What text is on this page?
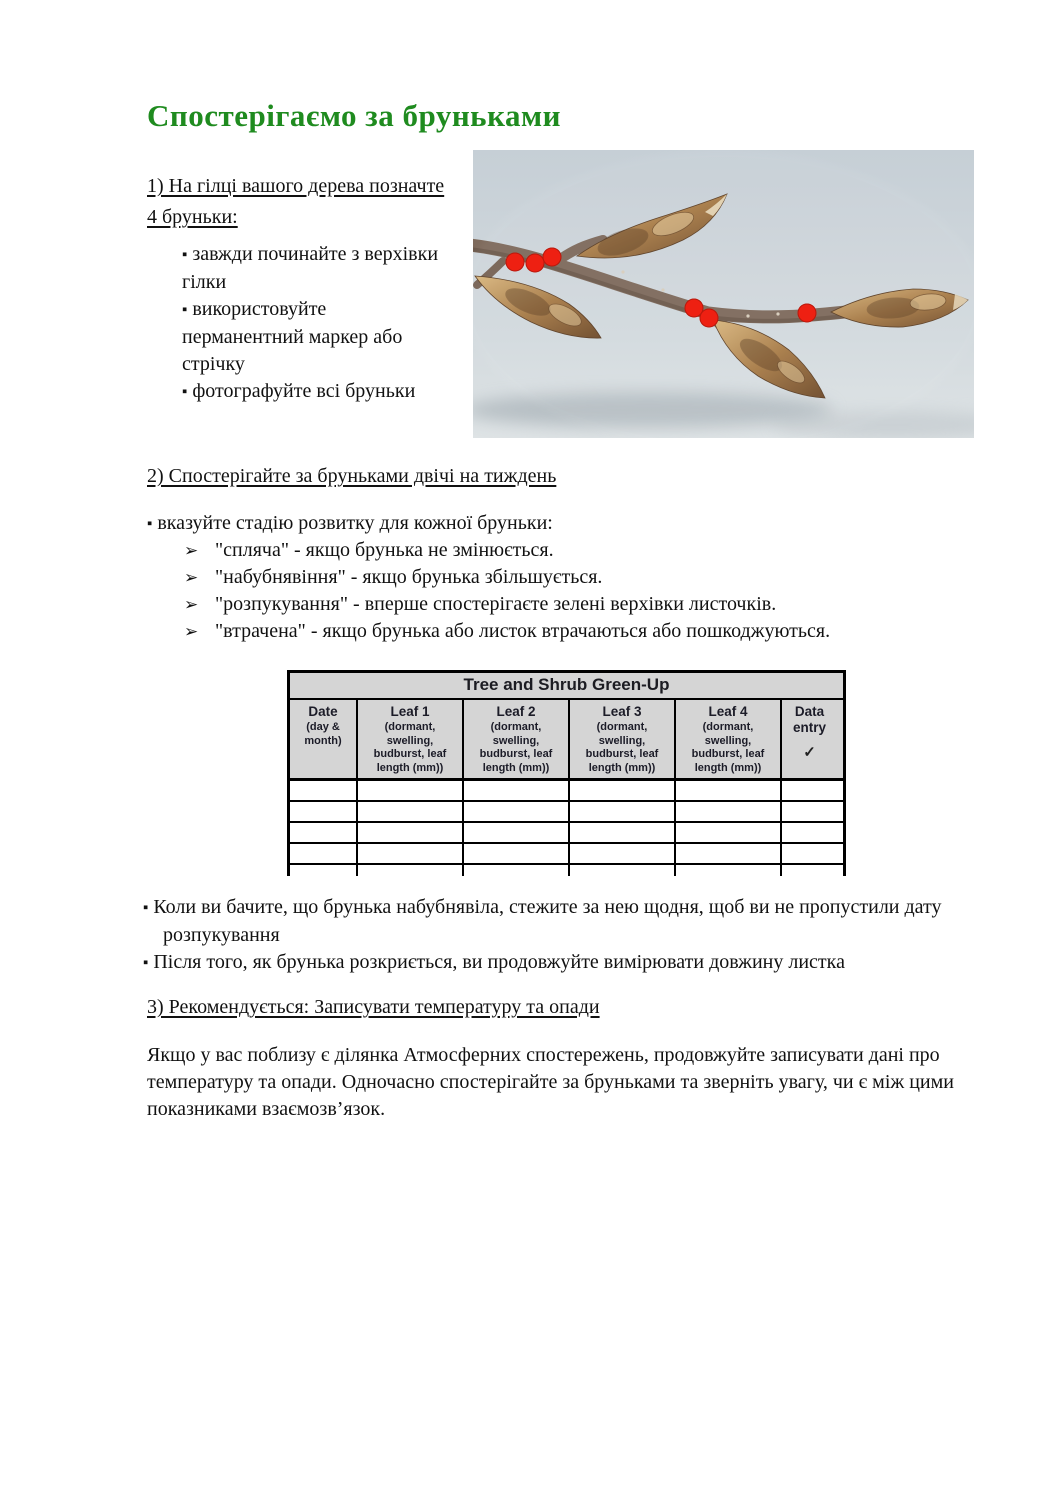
Спостерігаємо за бруньками
1) На гілці вашого дерева позначте 4 бруньки:
▪ завжди починайте з верхівки гілки
▪ використовуйте перманентний маркер або стрічку
▪ фотографуйте всі бруньки
2) Спостерігайте за бруньками двічі на тиждень
▪ вказуйте стадію розвитку для кожної бруньки:
➢ "спляча" - якщо брунька не змінюється.
➢ "набубнявіння" - якщо брунька збільшується.
➢ "розпукування" - вперше спостерігаєте зелені верхівки листочків.
➢ "втрачена" - якщо брунька або листок втрачаються або пошкоджуються.
Tree and Shrub Green-Up
Date
(day & month)
Leaf 1
(dormant, swelling, budburst, leaf length (mm))
Leaf 2
(dormant, swelling, budburst, leaf length (mm))
Leaf 3
(dormant, swelling, budburst, leaf length (mm))
Leaf 4
(dormant, swelling, budburst, leaf length (mm))
Data entry
✓
▪ Коли ви бачите, що брунька набубнявіла, стежите за нею щодня, щоб ви не пропустили дату розпукування
▪ Після того, як брунька розкриється, ви продовжуйте вимірювати довжину листка
3) Рекомендується: Записувати температуру та опади
Якщо у вас поблизу є ділянка Атмосферних спостережень, продовжуйте записувати дані про температуру та опади. Одночасно спостерігайте за бруньками та зверніть увагу, чи є між цими показниками взаємозв’язок.
